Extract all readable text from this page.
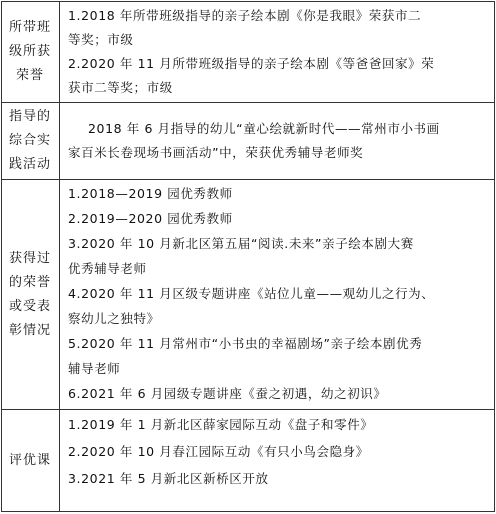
所带班级所获荣誉
1.2018 年所带班级指导的亲子绘本剧《你是我眼》荣获市二
等奖；市级
2.2020 年 11 月所带班级指导的亲子绘本剧《等爸爸回家》荣
获市二等奖；市级
指导的综合实践活动
2018 年 6 月指导的幼儿“童心绘就新时代——常州市小书画
家百米长卷现场书画活动”中，荣获优秀辅导老师奖
获得过的荣誉或受表彰情况
1.2018—2019 园优秀教师
2.2019—2020 园优秀教师
3.2020 年 10 月新北区第五届“阅读.未来”亲子绘本剧大赛
优秀辅导老师
4.2020 年 11 月区级专题讲座《站位儿童——观幼儿之行为、
察幼儿之独特》
5.2020 年 11 月常州市“小书虫的幸福剧场”亲子绘本剧优秀
辅导老师
6.2021 年 6 月园级专题讲座《蚕之初遇，幼之初识》
评优课
1.2019 年 1 月新北区薛家园际互动《盘子和零件》
2.2020 年 10 月春江园际互动《有只小鸟会隐身》
3.2021 年 5 月新北区新桥区开放
